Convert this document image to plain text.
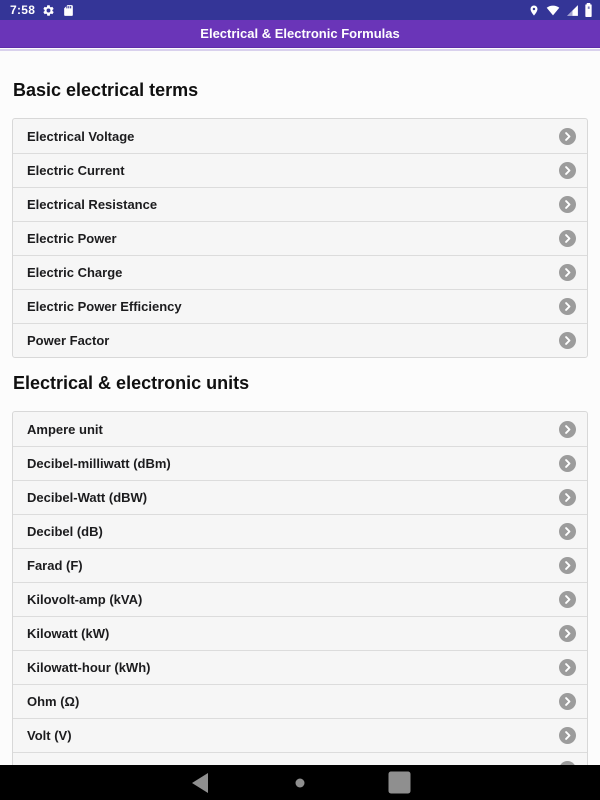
7:58
Electrical & Electronic Formulas
Basic electrical terms
Electrical Voltage
Electric Current
Electrical Resistance
Electric Power
Electric Charge
Electric Power Efficiency
Power Factor
Electrical & electronic units
Ampere unit
Decibel-milliwatt (dBm)
Decibel-Watt (dBW)
Decibel (dB)
Farad (F)
Kilovolt-amp (kVA)
Kilowatt (kW)
Kilowatt-hour (kWh)
Ohm (Ω)
Volt (V)
